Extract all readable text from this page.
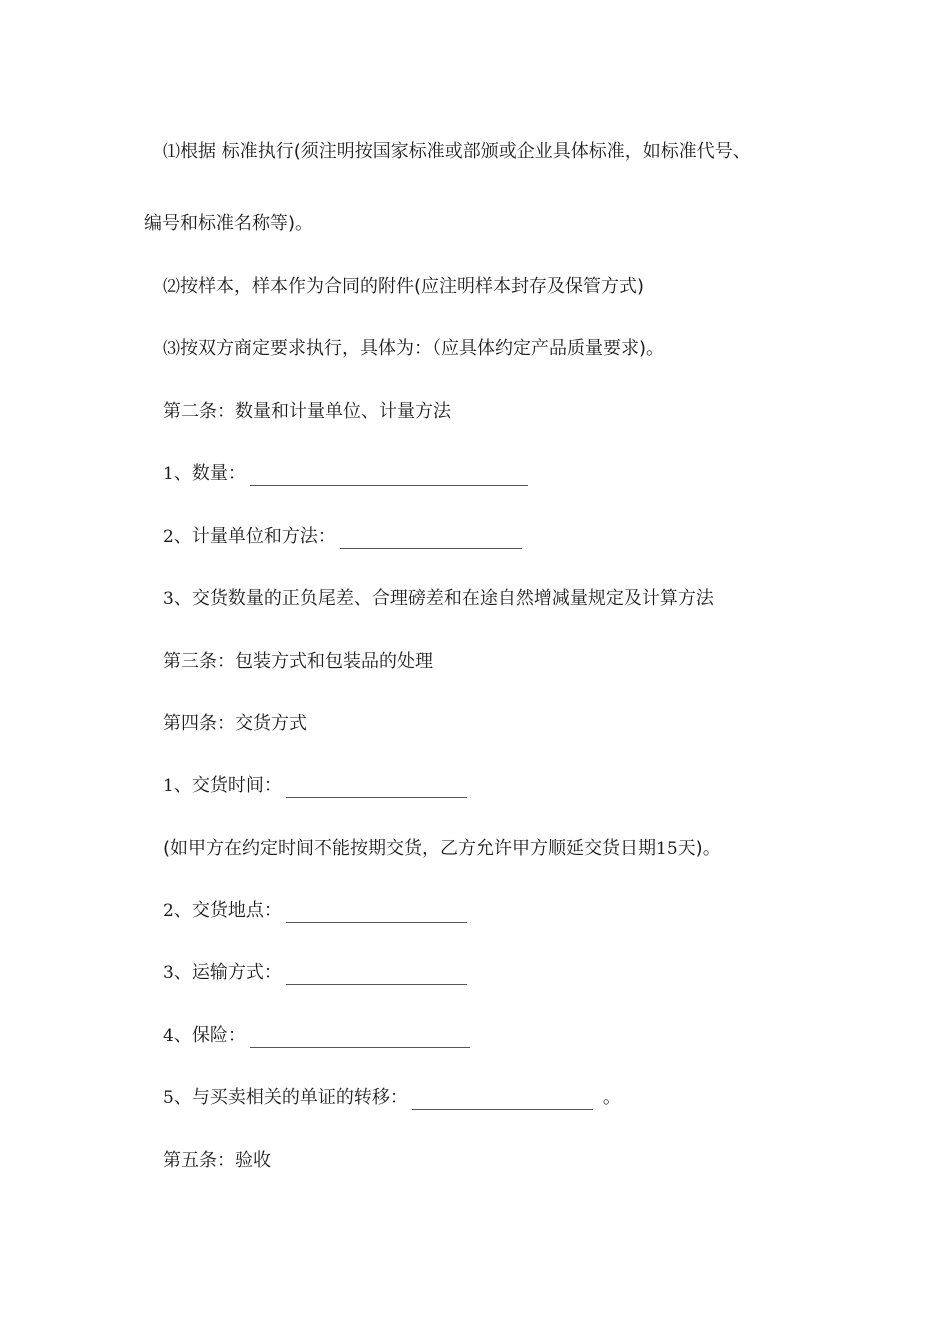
⑴根据 标准执行(须注明按国家标准或部颁或企业具体标准，如标准代号、
编号和标准名称等)。
⑵按样本，样本作为合同的附件(应注明样本封存及保管方式)
⑶按双方商定要求执行，具体为：（应具体约定产品质量要求)。
第二条：数量和计量单位、计量方法
1、数量：
2、计量单位和方法：
3、交货数量的正负尾差、合理磅差和在途自然增减量规定及计算方法
第三条：包装方式和包装品的处理
第四条：交货方式
1、交货时间：
(如甲方在约定时间不能按期交货，乙方允许甲方顺延交货日期15天)。
2、交货地点：
3、运输方式：
4、保险：
5、与买卖相关的单证的转移：	。
第五条：验收
